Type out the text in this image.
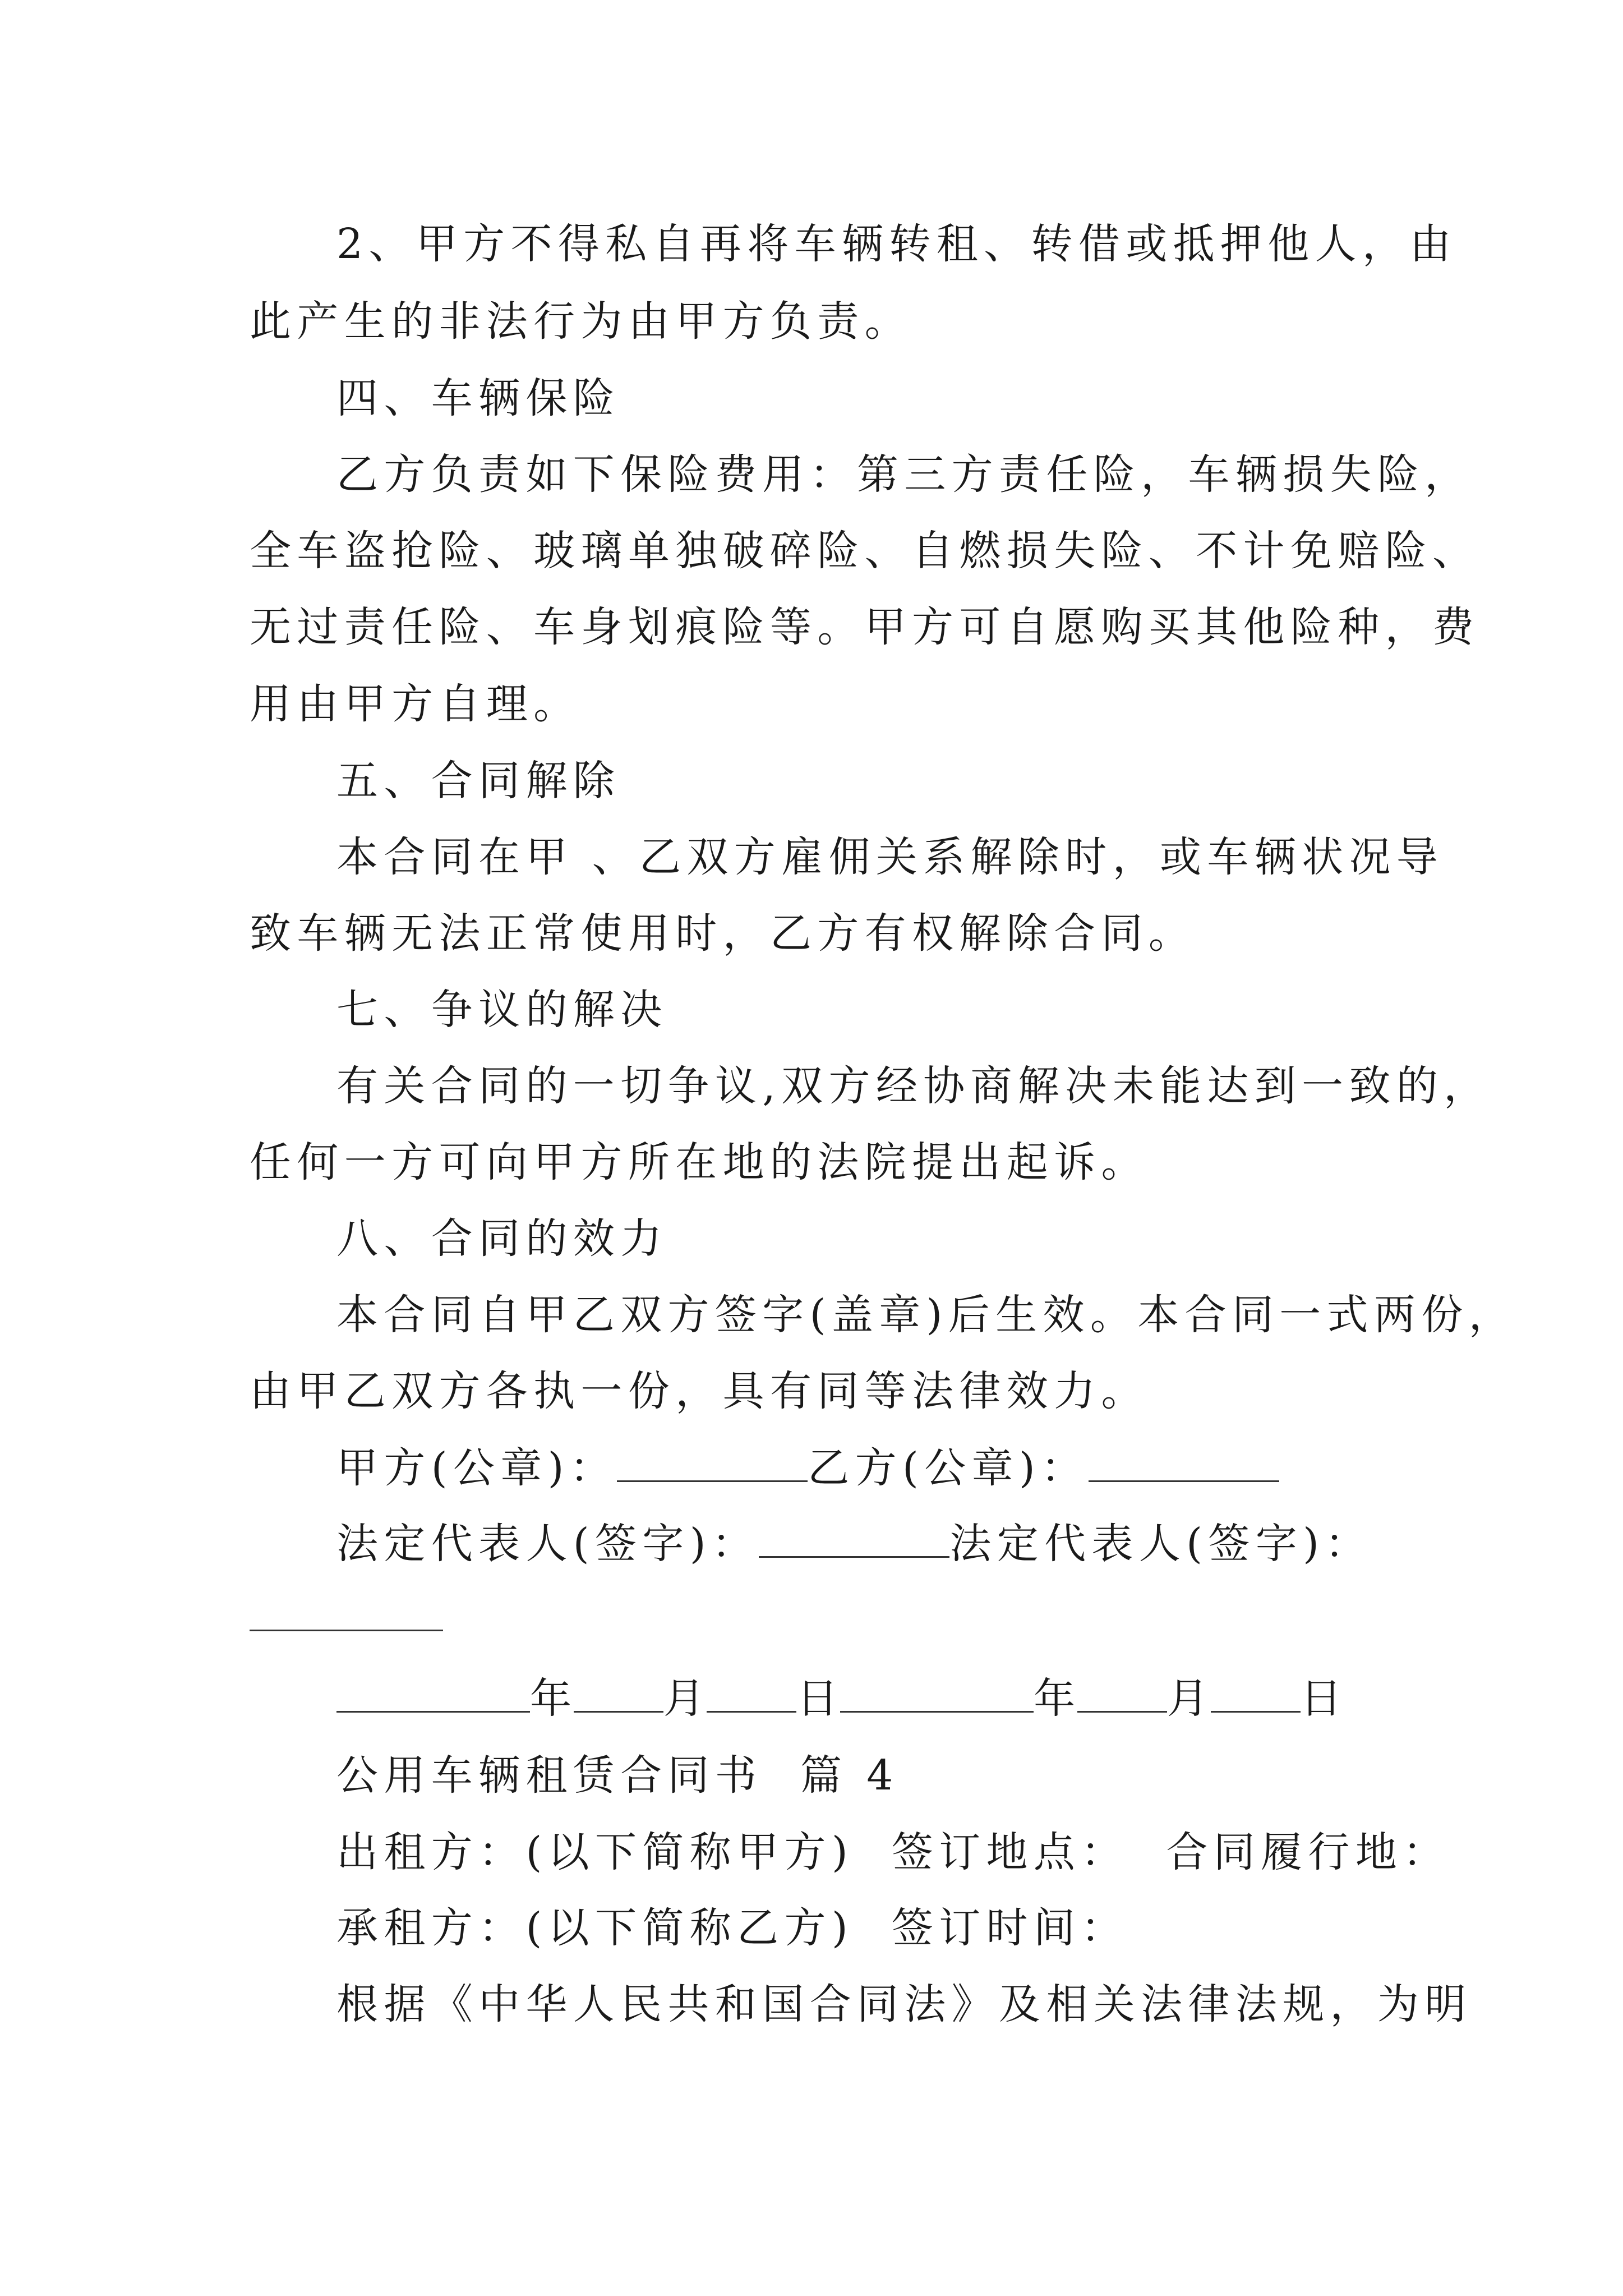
2、甲方不得私自再将车辆转租、转借或抵押他人，由
此产生的非法行为由甲方负责。
四、车辆保险
乙方负责如下保险费用：第三方责任险，车辆损失险，
全车盗抢险、玻璃单独破碎险、自燃损失险、不计免赔险、
无过责任险、车身划痕险等。甲方可自愿购买其他险种，费
用由甲方自理。
五、合同解除
本合同在甲 、乙双方雇佣关系解除时，或车辆状况导
致车辆无法正常使用时，乙方有权解除合同。
七、争议的解决
有关合同的一切争议,双方经协商解决未能达到一致的，
任何一方可向甲方所在地的法院提出起诉。
八、合同的效力
本合同自甲乙双方签字(盖章)后生效。本合同一式两份，
由甲乙双方各执一份，具有同等法律效力。
甲方(公章)：	乙方(公章)：
法定代表人(签字)：	法定代表人(签字)：
年 月 日	年 月 日
公用车辆租赁合同书  篇 4
出租方：(以下简称甲方)  签订地点：  合同履行地：
承租方：(以下简称乙方)  签订时间：
根据《中华人民共和国合同法》及相关法律法规，为明
